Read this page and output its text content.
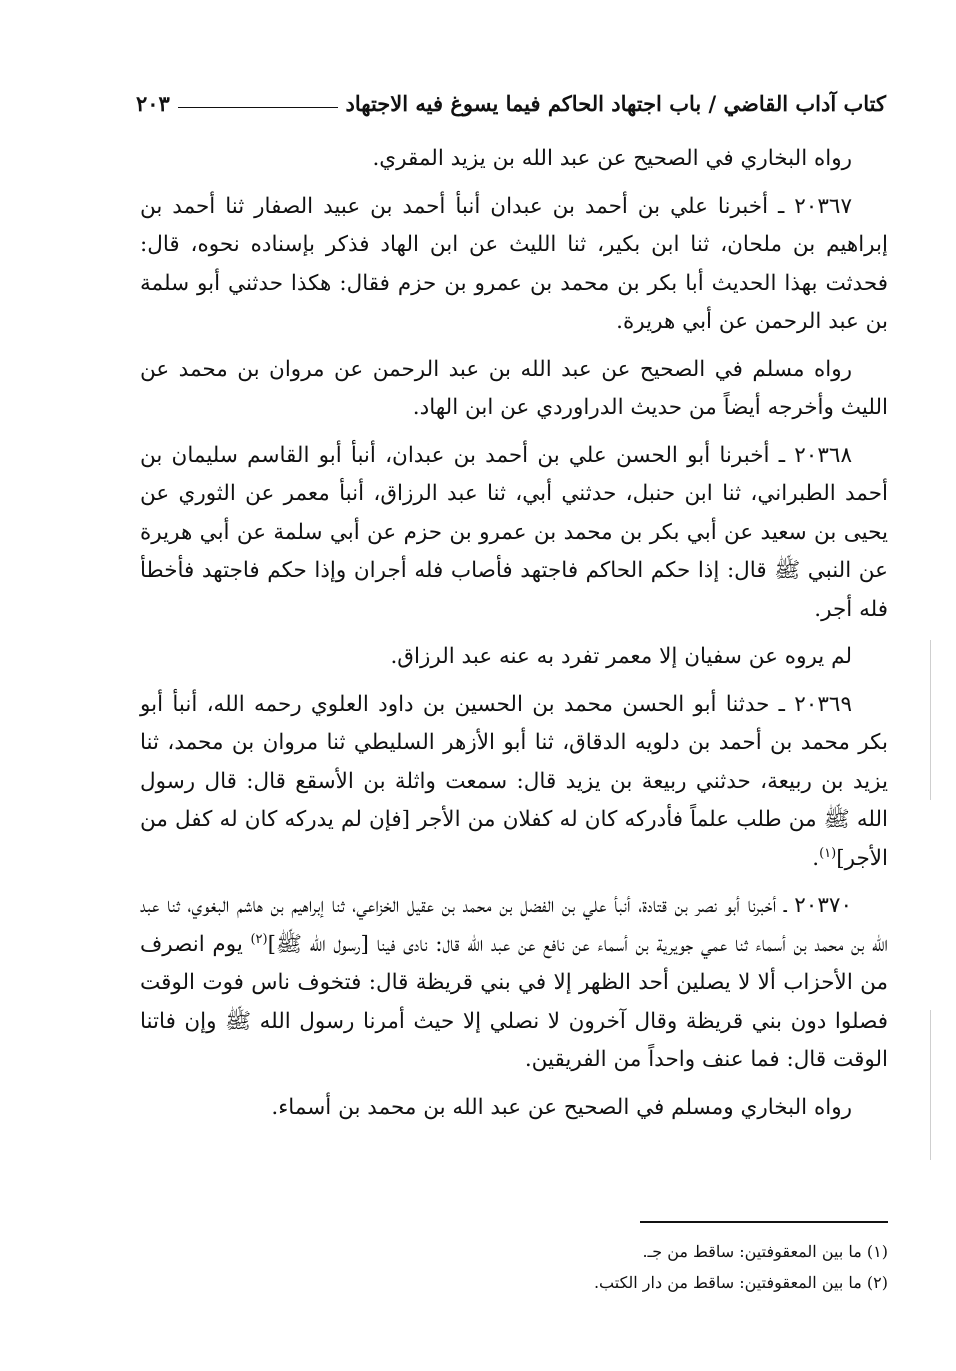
كتاب آداب القاضي / باب اجتهاد الحاكم فيما يسوغ فيه الاجتهاد
٢٠٣

رواه البخاري في الصحيح عن عبد الله بن يزيد المقري.

٢٠٣٦٧ ـ أخبرنا علي بن أحمد بن عبدان أنبأ أحمد بن عبيد الصفار ثنا أحمد بن إبراهيم بن ملحان، ثنا ابن بكير، ثنا الليث عن ابن الهاد فذكر بإسناده نحوه، قال: فحدثت بهذا الحديث أبا بكر بن محمد بن عمرو بن حزم فقال: هكذا حدثني أبو سلمة بن عبد الرحمن عن أبي هريرة.

رواه مسلم في الصحيح عن عبد الله بن عبد الرحمن عن مروان بن محمد عن الليث وأخرجه أيضاً من حديث الدراوردي عن ابن الهاد.

٢٠٣٦٨ ـ أخبرنا أبو الحسن علي بن أحمد بن عبدان، أنبأ أبو القاسم سليمان بن أحمد الطبراني، ثنا ابن حنبل، حدثني أبي، ثنا عبد الرزاق، أنبأ معمر عن الثوري عن يحيى بن سعيد عن أبي بكر بن محمد بن عمرو بن حزم عن أبي سلمة عن أبي هريرة عن النبي ﷺ قال: إذا حكم الحاكم فاجتهد فأصاب فله أجران وإذا حكم فاجتهد فأخطأ فله أجر.

لم يروه عن سفيان إلا معمر تفرد به عنه عبد الرزاق.

٢٠٣٦٩ ـ حدثنا أبو الحسن محمد بن الحسين بن داود العلوي رحمه الله، أنبأ أبو بكر محمد بن أحمد بن دلويه الدقاق، ثنا أبو الأزهر السليطي ثنا مروان بن محمد، ثنا يزيد بن ربيعة، حدثني ربيعة بن يزيد قال: سمعت واثلة بن الأسقع قال: قال رسول الله ﷺ من طلب علماً فأدركه كان له كفلان من الأجر [فإن لم يدركه كان له كفل من الأجر]$^{(١)}$.

٢٠٣٧٠ ـ أخبرنا أبو نصر بن قتادة، أنبأ علي بن الفضل بن محمد بن عقيل الخزاعي، ثنا إبراهيم بن هاشم البغوي، ثنا عبد الله بن محمد بن أسماء ثنا عمي جويرية بن أسماء عن نافع عن عبد الله قال: نادى فينا [رسول الله ﷺ]$^{(٢)}$ يوم انصرف من الأحزاب ألا لا يصلين أحد الظهر إلا في بني قريظة قال: فتخوف ناس فوت الوقت فصلوا دون بني قريظة وقال آخرون لا نصلي إلا حيث أمرنا رسول الله ﷺ وإن فاتنا الوقت قال: فما عنف واحداً من الفريقين.

رواه البخاري ومسلم في الصحيح عن عبد الله بن محمد بن أسماء.

(١) ما بين المعقوفتين: ساقط من جـ.
(٢) ما بين المعقوفتين: ساقط من دار الكتب.
